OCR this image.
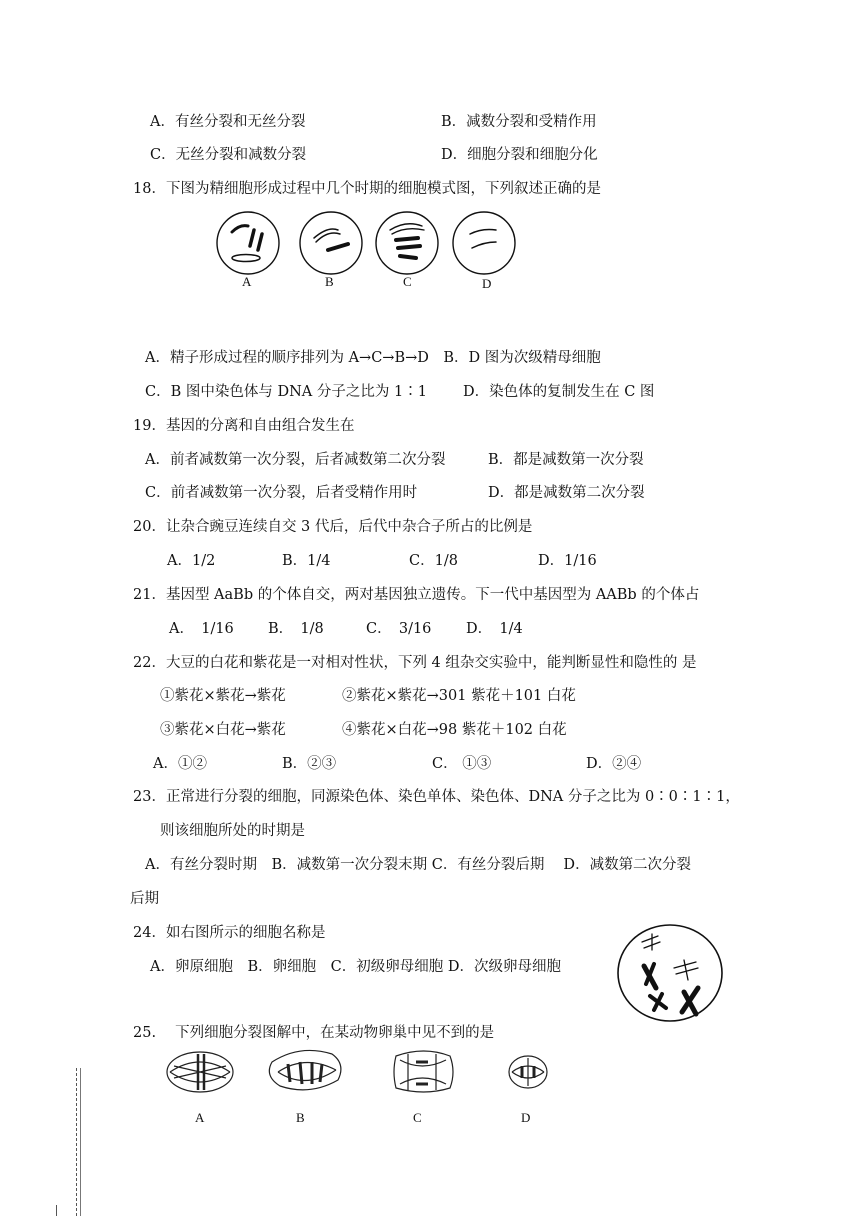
A．有丝分裂和无丝分裂	B．减数分裂和受精作用
C．无丝分裂和减数分裂	D．细胞分裂和细胞分化
18．下图为精细胞形成过程中几个时期的细胞模式图，下列叙述正确的是
A	B	C	D
A．精子形成过程的顺序排列为 A→C→B→D　B．D 图为次级精母细胞
C．B 图中染色体与 DNA 分子之比为 1∶1 D．染色体的复制发生在 C 图
19．基因的分离和自由组合发生在
A．前者减数第一次分裂，后者减数第二次分裂	B．都是减数第一次分裂
C．前者减数第一次分裂，后者受精作用时	D．都是减数第二次分裂
20．让杂合豌豆连续自交 3 代后，后代中杂合子所占的比例是
A．1/2	B．1/4	C．1/8	D．1/16
21．基因型 AaBb 的个体自交，两对基因独立遗传。下一代中基因型为 AABb 的个体占
A．　1/16 B．　1/8	C．　3/16 D．　1/4
22．大豆的白花和紫花是一对相对性状，下列 4 组杂交实验中，能判断显性和隐性的 是
①紫花×紫花→紫花	②紫花×紫花→301 紫花＋101 白花
③紫花×白花→紫花	④紫花×白花→98 紫花＋102 白花
A．①②	B．②③	C． ①③	D．②④
23．正常进行分裂的细胞，同源染色体、染色单体、染色体、DNA 分子之比为 0∶0∶1∶1，
则该细胞所处的时期是
A．有丝分裂时期　B．减数第一次分裂末期 C．有丝分裂后期　 D．减数第二次分裂
后期
24．如右图所示的细胞名称是
A．卵原细胞　B．卵细胞　C．初级卵母细胞 D．次级卵母细胞
25.　 下列细胞分裂图解中，在某动物卵巢中见不到的是
A	B	C	D
